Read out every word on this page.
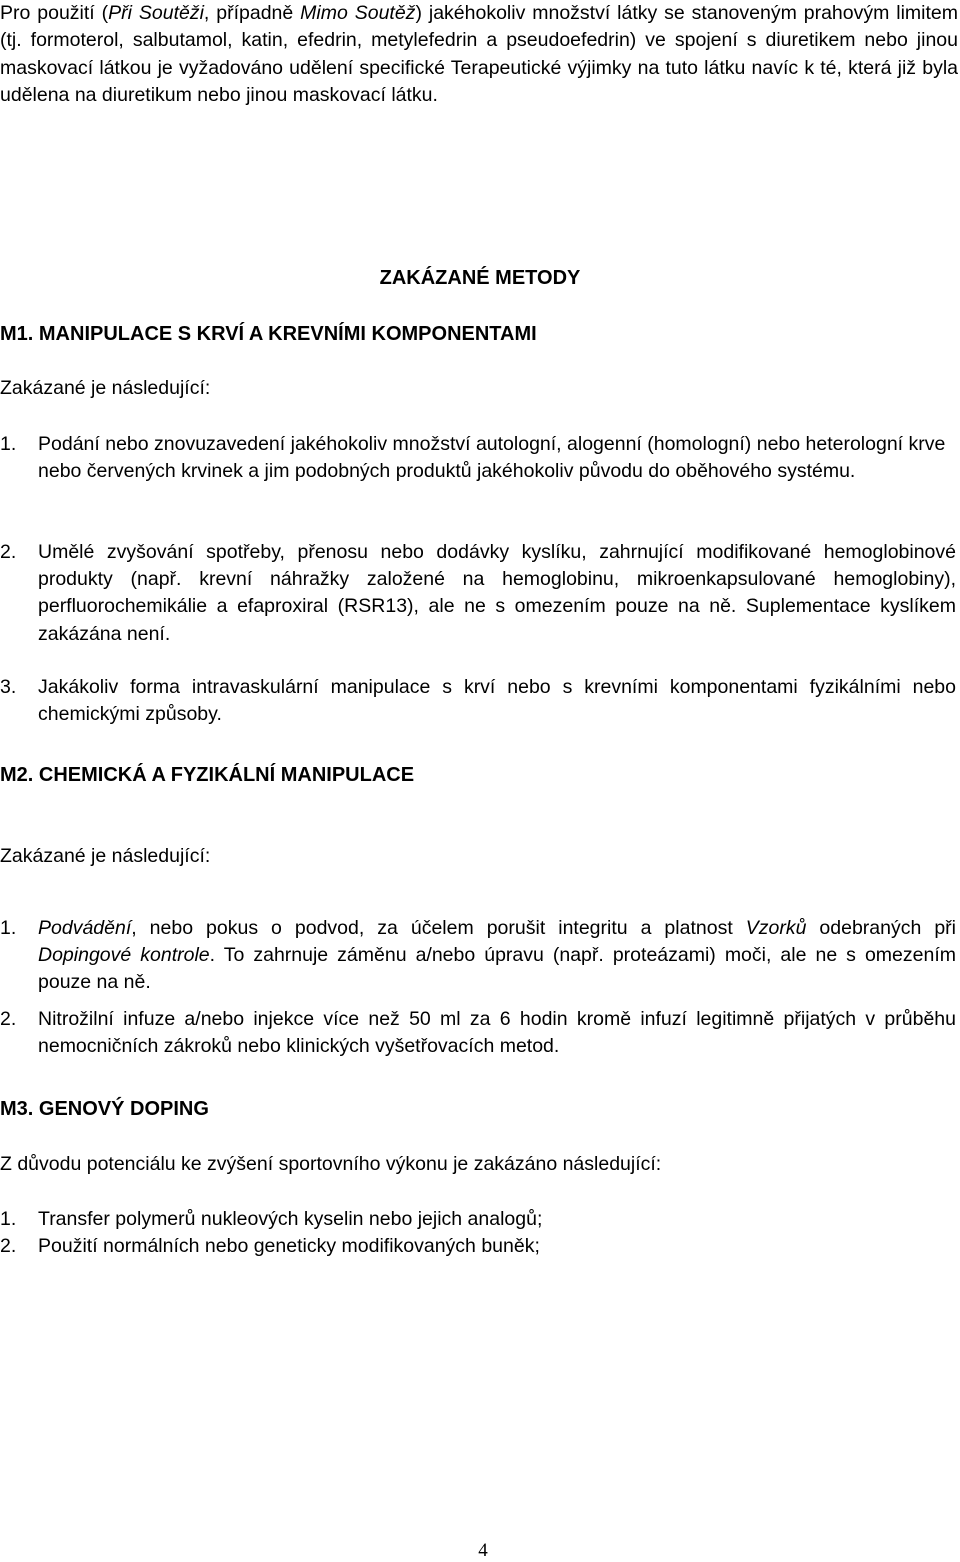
Pro použití (Při Soutěži, případně Mimo Soutěž) jakéhokoliv množství látky se stanoveným prahovým limitem (tj. formoterol, salbutamol, katin, efedrin, metylefedrin a pseudoefedrin) ve spojení s diuretikem nebo jinou maskovací látkou je vyžadováno udělení specifické Terapeutické výjimky na tuto látku navíc k té, která již byla udělena na diuretikum nebo jinou maskovací látku.
ZAKÁZANÉ METODY
M1. MANIPULACE S KRVÍ A KREVNÍMI KOMPONENTAMI
Zakázané je následující:
1. Podání nebo znovuzavedení jakéhokoliv množství autologní, alogenní (homologní) nebo heterologní krve nebo červených krvinek a jim podobných produktů jakéhokoliv původu do oběhového systému.
2. Umělé zvyšování spotřeby, přenosu nebo dodávky kyslíku, zahrnující modifikované hemoglobinové produkty (např. krevní náhražky založené na hemoglobinu, mikroenkapsulované hemoglobiny), perfluorochemikálie a efaproxiral (RSR13), ale ne s omezením pouze na ně. Suplementace kyslíkem zakázána není.
3. Jakákoliv forma intravaskulární manipulace s krví nebo s krevními komponentami fyzikálními nebo chemickými způsoby.
M2. CHEMICKÁ A FYZIKÁLNÍ MANIPULACE
Zakázané je následující:
1. Podvádění, nebo pokus o podvod, za účelem porušit integritu a platnost Vzorků odebraných při Dopingové kontrole. To zahrnuje záměnu a/nebo úpravu (např. proteázami) moči, ale ne s omezením pouze na ně.
2. Nitrožilní infuze a/nebo injekce více než 50 ml za 6 hodin kromě infuzí legitimně přijatých v průběhu nemocničních zákroků nebo klinických vyšetřovacích metod.
M3. GENOVÝ DOPING
Z důvodu potenciálu ke zvýšení sportovního výkonu je zakázáno následující:
1. Transfer polymerů nukleových kyselin nebo jejich analogů;
2. Použití normálních nebo geneticky modifikovaných buněk;
4
